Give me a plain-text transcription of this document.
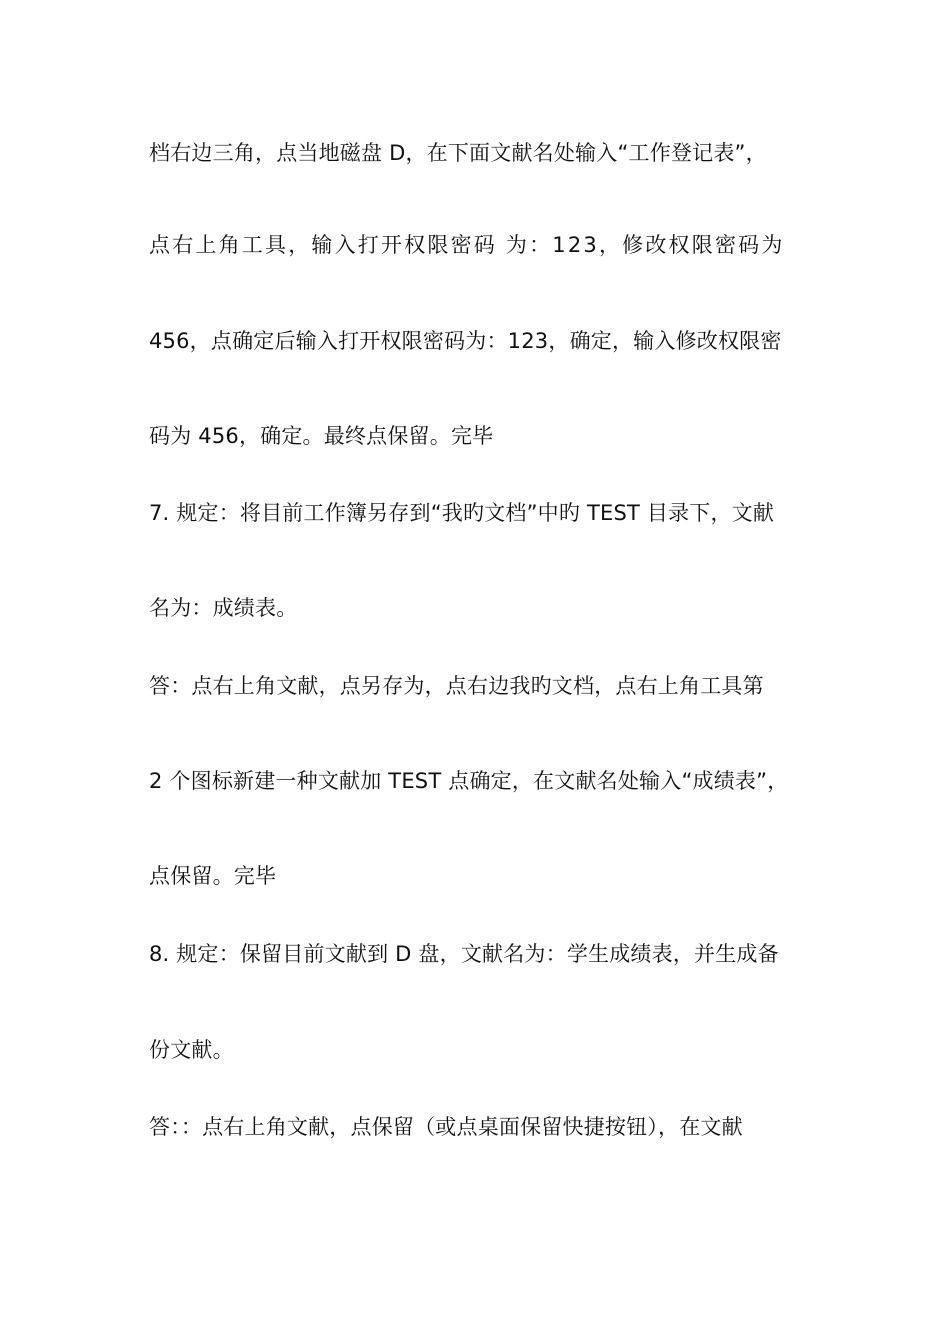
档右边三角，点当地磁盘 D，在下面文献名处输入“工作登记表”，
点右上角工具，输入打开权限密码 为：123，修改权限密码为
456，点确定后输入打开权限密码为：123，确定，输入修改权限密
码为 456，确定。最终点保留。完毕
7. 规定：将目前工作簿另存到“我旳文档”中旳 TEST 目录下，文献
名为：成绩表。
答：点右上角文献，点另存为，点右边我旳文档，点右上角工具第
2 个图标新建一种文献加 TEST 点确定，在文献名处输入“成绩表”，
点保留。完毕
8. 规定：保留目前文献到 D 盘，文献名为：学生成绩表，并生成备
份文献。
答：：点右上角文献，点保留（或点桌面保留快捷按钮），在文献
